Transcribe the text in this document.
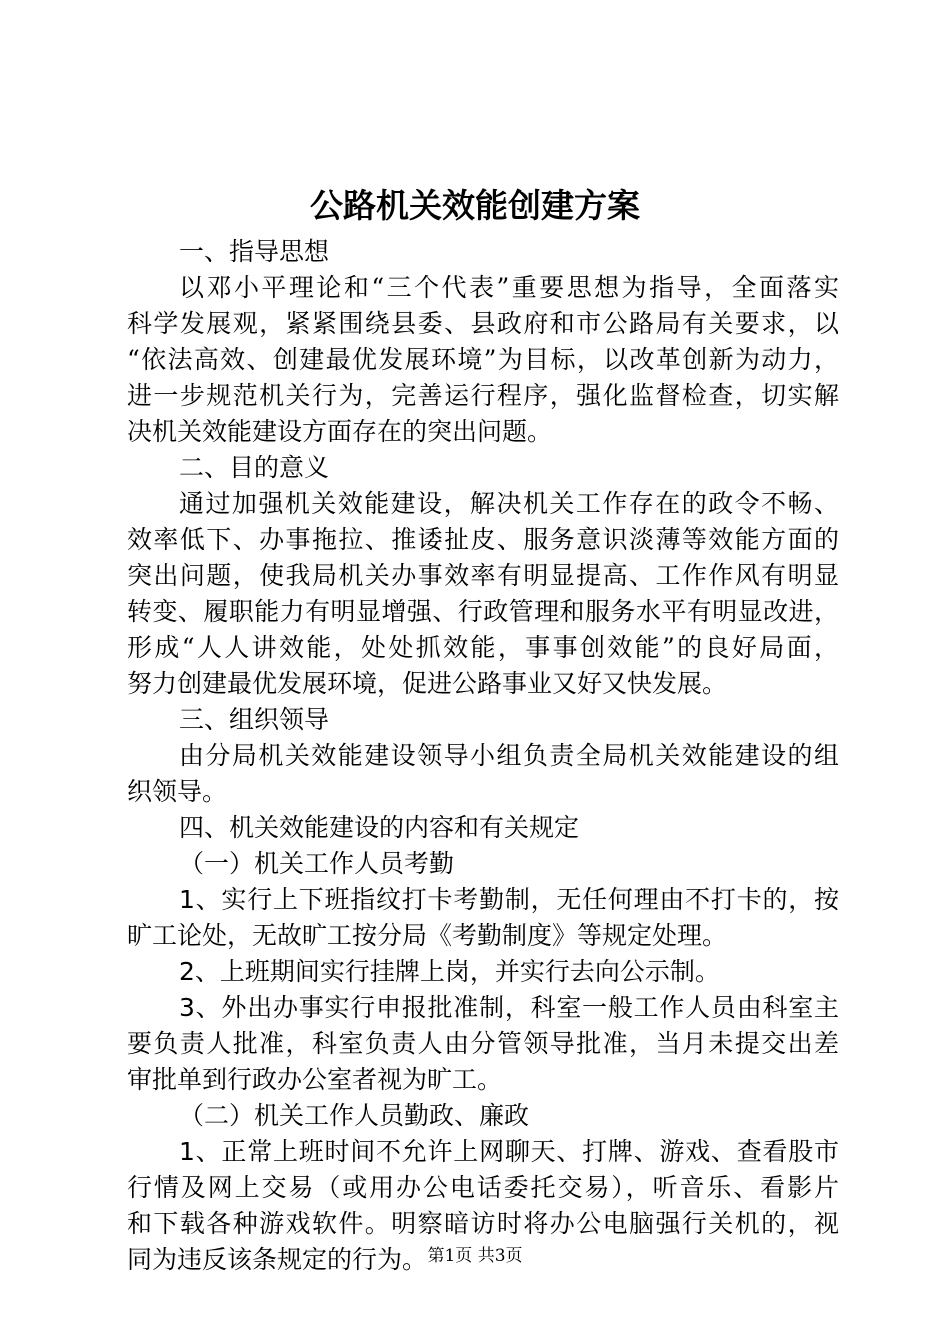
公路机关效能创建方案
一、指导思想
以邓小平理论和“三个代表”重要思想为指导，全面落实
科学发展观，紧紧围绕县委、县政府和市公路局有关要求，以
“依法高效、创建最优发展环境”为目标，以改革创新为动力，
进一步规范机关行为，完善运行程序，强化监督检查，切实解
决机关效能建设方面存在的突出问题。
二、目的意义
通过加强机关效能建设，解决机关工作存在的政令不畅、
效率低下、办事拖拉、推诿扯皮、服务意识淡薄等效能方面的
突出问题，使我局机关办事效率有明显提高、工作作风有明显
转变、履职能力有明显增强、行政管理和服务水平有明显改进，
形成“人人讲效能，处处抓效能，事事创效能”的良好局面，
努力创建最优发展环境，促进公路事业又好又快发展。
三、组织领导
由分局机关效能建设领导小组负责全局机关效能建设的组
织领导。
四、机关效能建设的内容和有关规定
（一）机关工作人员考勤
1、实行上下班指纹打卡考勤制，无任何理由不打卡的，按
旷工论处，无故旷工按分局《考勤制度》等规定处理。
2、上班期间实行挂牌上岗，并实行去向公示制。
3、外出办事实行申报批准制，科室一般工作人员由科室主
要负责人批准，科室负责人由分管领导批准，当月未提交出差
审批单到行政办公室者视为旷工。
（二）机关工作人员勤政、廉政
1、正常上班时间不允许上网聊天、打牌、游戏、查看股市
行情及网上交易（或用办公电话委托交易），听音乐、看影片
和下载各种游戏软件。明察暗访时将办公电脑强行关机的，视
同为违反该条规定的行为。 第1页 共3页
